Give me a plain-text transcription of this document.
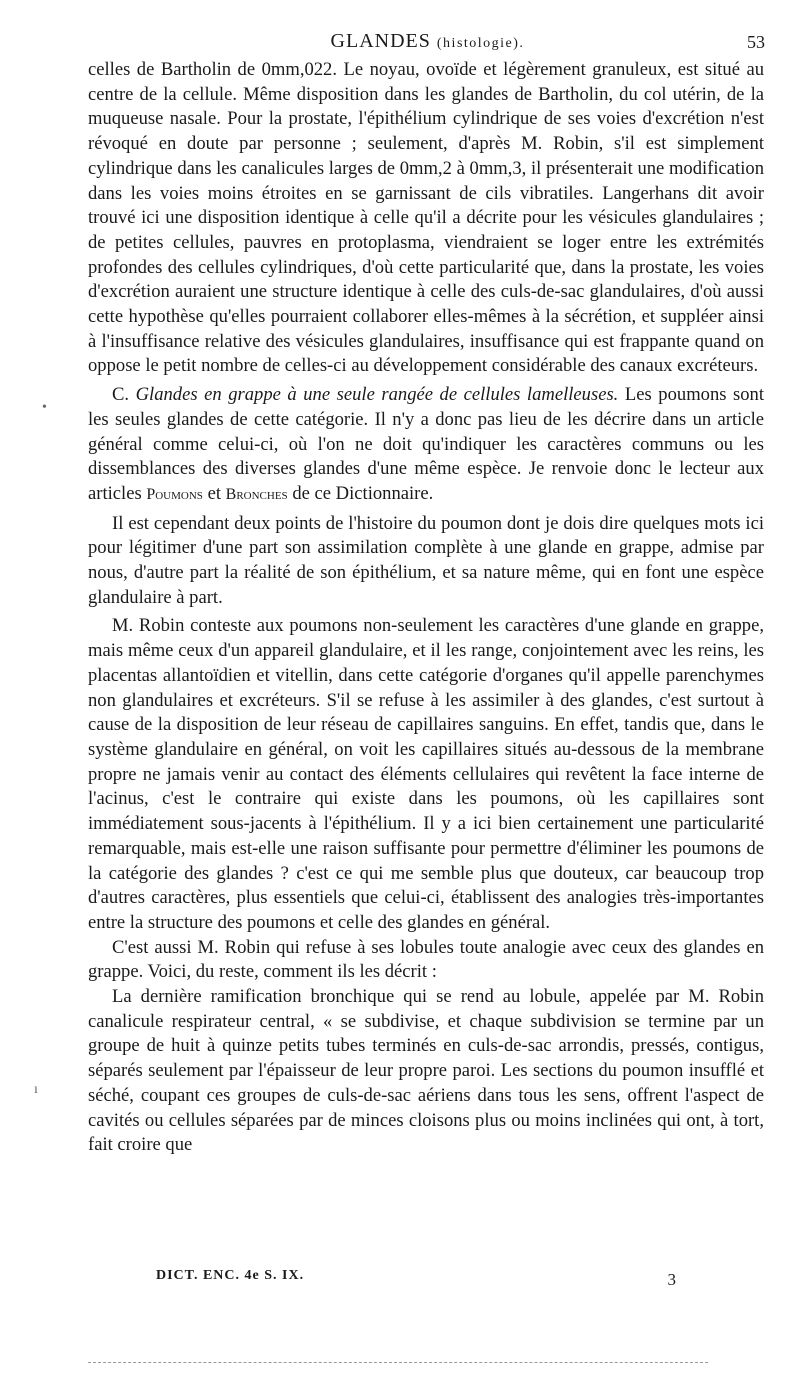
GLANDES (histologie).	53
•
ı

celles de Bartholin de 0mm,022. Le noyau, ovoïde et légèrement granuleux, est situé au centre de la cellule. Même disposition dans les glandes de Bartholin, du col utérin, de la muqueuse nasale. Pour la prostate, l'épithélium cylindrique de ses voies d'excrétion n'est révoqué en doute par personne ; seulement, d'après M. Robin, s'il est simplement cylindrique dans les canalicules larges de 0mm,2 à 0mm,3, il présenterait une modification dans les voies moins étroites en se garnissant de cils vibratiles. Langerhans dit avoir trouvé ici une disposition identique à celle qu'il a décrite pour les vésicules glandulaires ; de petites cellules, pauvres en protoplasma, viendraient se loger entre les extrémités profondes des cellules cylindriques, d'où cette particularité que, dans la prostate, les voies d'excrétion auraient une structure identique à celle des culs-de-sac glandulaires, d'où aussi cette hypothèse qu'elles pourraient collaborer elles-mêmes à la sécrétion, et suppléer ainsi à l'insuffisance relative des vésicules glandulaires, insuffisance qui est frappante quand on oppose le petit nombre de celles-ci au développement considérable des canaux excréteurs.

C. Glandes en grappe à une seule rangée de cellules lamelleuses. Les poumons sont les seules glandes de cette catégorie. Il n'y a donc pas lieu de les décrire dans un article général comme celui-ci, où l'on ne doit qu'indiquer les caractères communs ou les dissemblances des diverses glandes d'une même espèce. Je renvoie donc le lecteur aux articles Poumons et Bronches de ce Dictionnaire.

Il est cependant deux points de l'histoire du poumon dont je dois dire quelques mots ici pour légitimer d'une part son assimilation complète à une glande en grappe, admise par nous, d'autre part la réalité de son épithélium, et sa nature même, qui en font une espèce glandulaire à part.

M. Robin conteste aux poumons non-seulement les caractères d'une glande en grappe, mais même ceux d'un appareil glandulaire, et il les range, conjointement avec les reins, les placentas allantoïdien et vitellin, dans cette catégorie d'organes qu'il appelle parenchymes non glandulaires et excréteurs. S'il se refuse à les assimiler à des glandes, c'est surtout à cause de la disposition de leur réseau de capillaires sanguins. En effet, tandis que, dans le système glandulaire en général, on voit les capillaires situés au-dessous de la membrane propre ne jamais venir au contact des éléments cellulaires qui revêtent la face interne de l'acinus, c'est le contraire qui existe dans les poumons, où les capillaires sont immédiatement sous-jacents à l'épithélium. Il y a ici bien certainement une particularité remarquable, mais est-elle une raison suffisante pour permettre d'éliminer les poumons de la catégorie des glandes ? c'est ce qui me semble plus que douteux, car beaucoup trop d'autres caractères, plus essentiels que celui-ci, établissent des analogies très-importantes entre la structure des poumons et celle des glandes en général.

C'est aussi M. Robin qui refuse à ses lobules toute analogie avec ceux des glandes en grappe. Voici, du reste, comment ils les décrit :

La dernière ramification bronchique qui se rend au lobule, appelée par M. Robin canalicule respirateur central, « se subdivise, et chaque subdivision se termine par un groupe de huit à quinze petits tubes terminés en culs-de-sac arrondis, pressés, contigus, séparés seulement par l'épaisseur de leur propre paroi. Les sections du poumon insufflé et séché, coupant ces groupes de culs-de-sac aériens dans tous les sens, offrent l'aspect de cavités ou cellules séparées par de minces cloisons plus ou moins inclinées qui ont, à tort, fait croire que

DICT. ENC. 4e S. IX.	3
